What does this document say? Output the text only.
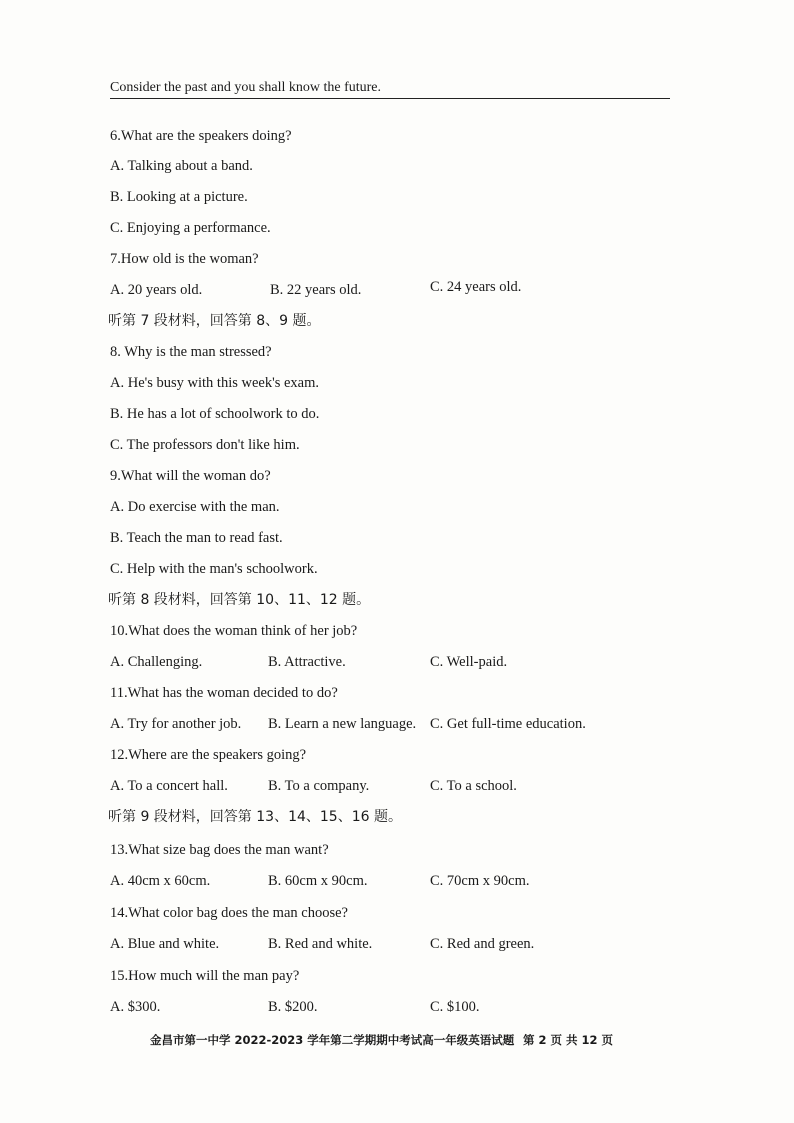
Consider the past and you shall know the future.
6.What are the speakers doing?
A. Talking about a band.
B. Looking at a picture.
C. Enjoying a performance.
7.How old is the woman?
A. 20 years old.	B. 22 years old.	C. 24 years old.
听第 7 段材料，回答第 8、9 题。
8. Why is the man stressed?
A. He's busy with this week's exam.
B. He has a lot of schoolwork to do.
C. The professors don't like him.
9.What will the woman do?
A. Do exercise with the man.
B. Teach the man to read fast.
C. Help with the man's schoolwork.
听第 8 段材料，回答第 10、11、12 题。
10.What does the woman think of her job?
A. Challenging.	B. Attractive.	C. Well-paid.
11.What has the woman decided to do?
A. Try for another job. B. Learn a new language. C. Get full-time education.
12.Where are the speakers going?
A. To a concert hall.	B. To a company.	C. To a school.
听第 9 段材料，回答第 13、14、15、16 题。
13.What size bag does the man want?
A. 40cm x 60cm.	B. 60cm x 90cm.	C. 70cm x 90cm.
14.What color bag does the man choose?
A. Blue and white.	B. Red and white.	C. Red and green.
15.How much will the man pay?
A. $300.	B. $200.	C. $100.
金昌市第一中学 2022-2023 学年第二学期期中考试高一年级英语试题 第 2 页 共 12 页
